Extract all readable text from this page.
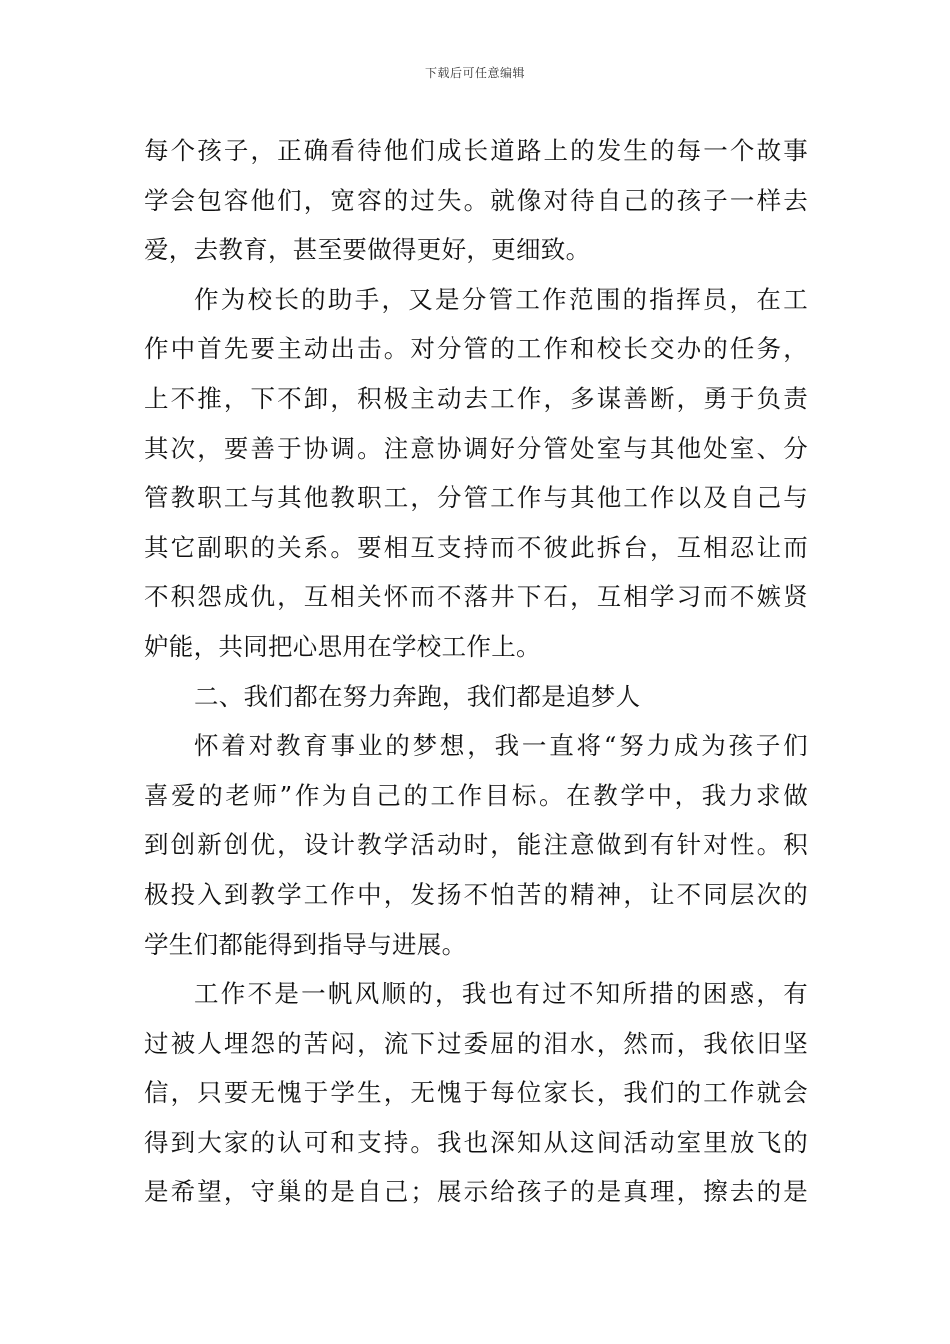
下载后可任意编辑
每个孩子，正确看待他们成长道路上的发生的每一个故事
学会包容他们，宽容的过失。就像对待自己的孩子一样去
爱，去教育，甚至要做得更好，更细致。
作为校长的助手，又是分管工作范围的指挥员，在工
作中首先要主动出击。对分管的工作和校长交办的任务，
上不推，下不卸，积极主动去工作，多谋善断，勇于负责
其次，要善于协调。注意协调好分管处室与其他处室、分
管教职工与其他教职工，分管工作与其他工作以及自己与
其它副职的关系。要相互支持而不彼此拆台，互相忍让而
不积怨成仇，互相关怀而不落井下石，互相学习而不嫉贤
妒能，共同把心思用在学校工作上。
二、我们都在努力奔跑，我们都是追梦人
怀着对教育事业的梦想，我一直将“努力成为孩子们
喜爱的老师”作为自己的工作目标。在教学中，我力求做
到创新创优，设计教学活动时，能注意做到有针对性。积
极投入到教学工作中，发扬不怕苦的精神，让不同层次的
学生们都能得到指导与进展。
工作不是一帆风顺的，我也有过不知所措的困惑，有
过被人埋怨的苦闷，流下过委屈的泪水，然而，我依旧坚
信，只要无愧于学生，无愧于每位家长，我们的工作就会
得到大家的认可和支持。我也深知从这间活动室里放飞的
是希望，守巢的是自己；展示给孩子的是真理，擦去的是
